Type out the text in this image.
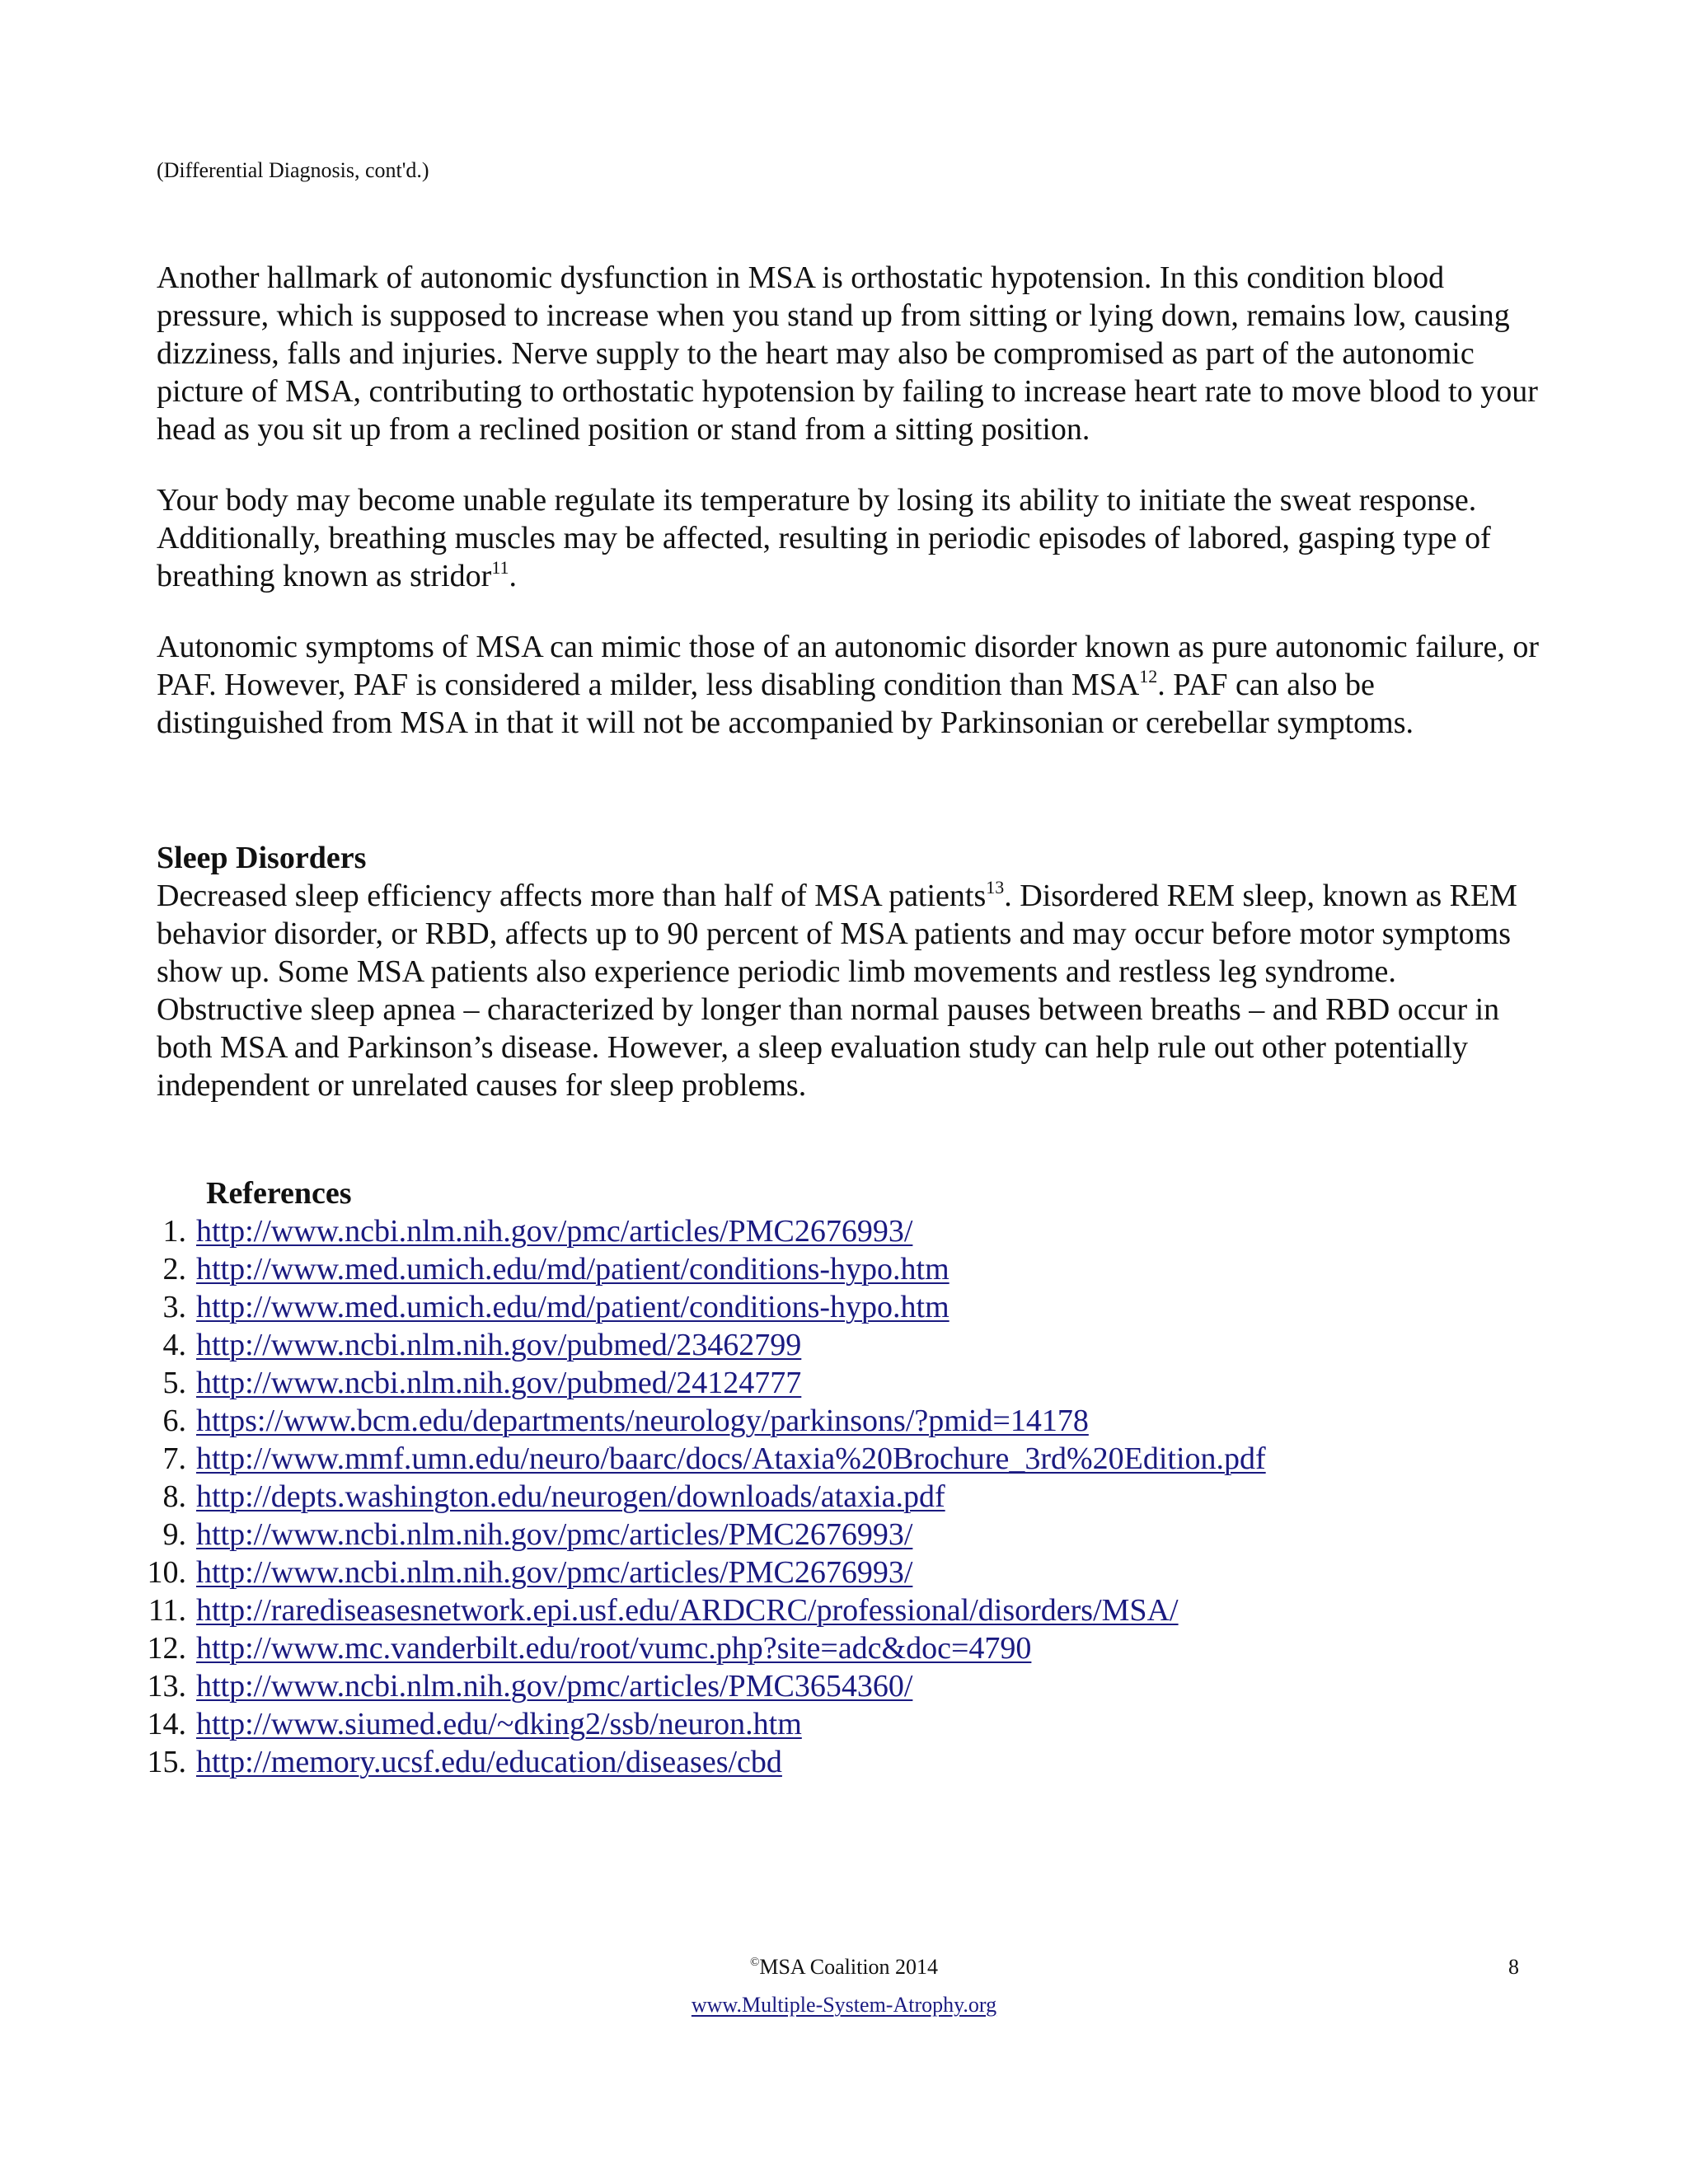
(Differential Diagnosis, cont'd.)

Another hallmark of autonomic dysfunction in MSA is orthostatic hypotension. In this condition blood pressure, which is supposed to increase when you stand up from sitting or lying down, remains low, causing dizziness, falls and injuries. Nerve supply to the heart may also be compromised as part of the autonomic picture of MSA, contributing to orthostatic hypotension by failing to increase heart rate to move blood to your head as you sit up from a reclined position or stand from a sitting position.

Your body may become unable regulate its temperature by losing its ability to initiate the sweat response. Additionally, breathing muscles may be affected, resulting in periodic episodes of labored, gasping type of breathing known as stridor$^{11}$.

Autonomic symptoms of MSA can mimic those of an autonomic disorder known as pure autonomic failure, or PAF. However, PAF is considered a milder, less disabling condition than MSA$^{12}$. PAF can also be distinguished from MSA in that it will not be accompanied by Parkinsonian or cerebellar symptoms.

Sleep Disorders

Decreased sleep efficiency affects more than half of MSA patients$^{13}$. Disordered REM sleep, known as REM behavior disorder, or RBD, affects up to 90 percent of MSA patients and may occur before motor symptoms show up. Some MSA patients also experience periodic limb movements and restless leg syndrome. Obstructive sleep apnea – characterized by longer than normal pauses between breaths – and RBD occur in both MSA and Parkinson’s disease. However, a sleep evaluation study can help rule out other potentially independent or unrelated causes for sleep problems.

References
1. http://www.ncbi.nlm.nih.gov/pmc/articles/PMC2676993/
2. http://www.med.umich.edu/md/patient/conditions-hypo.htm
3. http://www.med.umich.edu/md/patient/conditions-hypo.htm
4. http://www.ncbi.nlm.nih.gov/pubmed/23462799
5. http://www.ncbi.nlm.nih.gov/pubmed/24124777
6. https://www.bcm.edu/departments/neurology/parkinsons/?pmid=14178
7. http://www.mmf.umn.edu/neuro/baarc/docs/Ataxia%20Brochure_3rd%20Edition.pdf
8. http://depts.washington.edu/neurogen/downloads/ataxia.pdf
9. http://www.ncbi.nlm.nih.gov/pmc/articles/PMC2676993/
10. http://www.ncbi.nlm.nih.gov/pmc/articles/PMC2676993/
11. http://rarediseasesnetwork.epi.usf.edu/ARDCRC/professional/disorders/MSA/
12. http://www.mc.vanderbilt.edu/root/vumc.php?site=adc&doc=4790
13. http://www.ncbi.nlm.nih.gov/pmc/articles/PMC3654360/
14. http://www.siumed.edu/~dking2/ssb/neuron.htm
15. http://memory.ucsf.edu/education/diseases/cbd
©MSA Coalition 2014	8
www.Multiple-System-Atrophy.org
